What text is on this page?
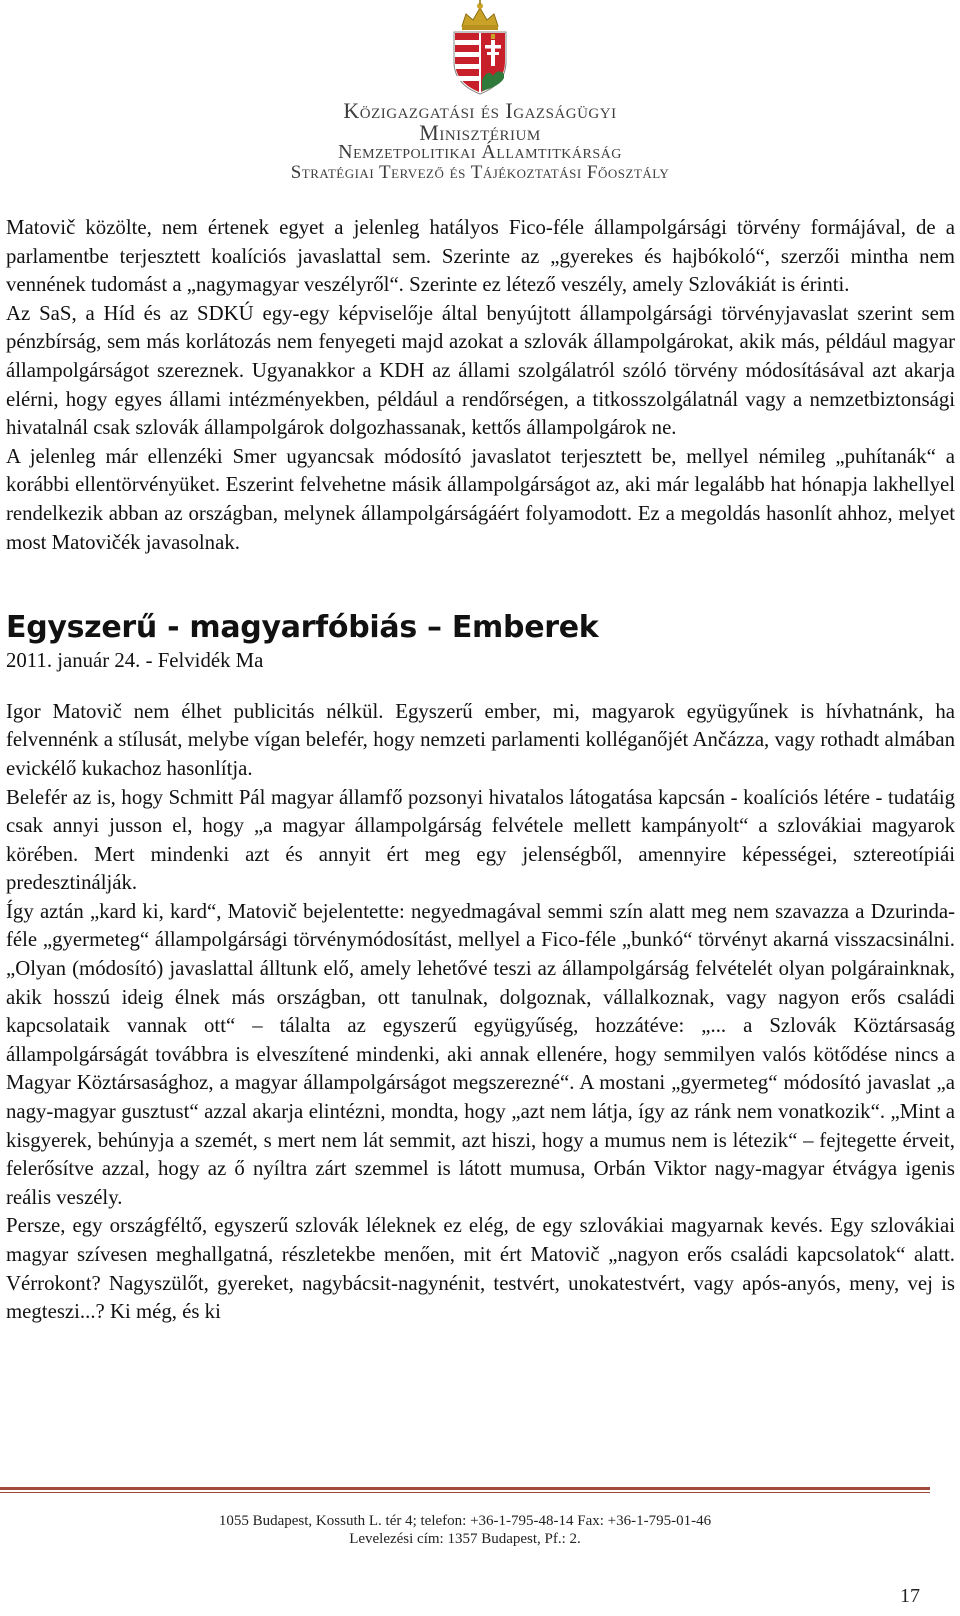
Közigazgatási és Igazságügyi
Minisztérium
Nemzetpolitikai Államtitkárság
Stratégiai Tervező és Tájékoztatási Főosztály

Matovič közölte, nem értenek egyet a jelenleg hatályos Fico-féle állampolgársági törvény formájával, de a parlamentbe terjesztett koalíciós javaslattal sem. Szerinte az „gyerekes és hajbókoló“, szerzői mintha nem vennének tudomást a „nagymagyar veszélyről“. Szerinte ez létező veszély, amely Szlovákiát is érinti.

Az SaS, a Híd és az SDKÚ egy-egy képviselője által benyújtott állampolgársági törvényjavaslat szerint sem pénzbírság, sem más korlátozás nem fenyegeti majd azokat a szlovák állampolgárokat, akik más, például magyar állampolgárságot szereznek. Ugyanakkor a KDH az állami szolgálatról szóló törvény módosításával azt akarja elérni, hogy egyes állami intézményekben, például a rendőrségen, a titkosszolgálatnál vagy a nemzetbiztonsági hivatalnál csak szlovák állampolgárok dolgozhassanak, kettős állampolgárok ne.

A jelenleg már ellenzéki Smer ugyancsak módosító javaslatot terjesztett be, mellyel némileg „puhítanák“ a korábbi ellentörvényüket. Eszerint felvehetne másik állampolgárságot az, aki már legalább hat hónapja lakhellyel rendelkezik abban az országban, melynek állampolgárságáért folyamodott. Ez a megoldás hasonlít ahhoz, melyet most Matovičék javasolnak.

Egyszerű - magyarfóbiás – Emberek

2011. január 24. - Felvidék Ma

Igor Matovič nem élhet publicitás nélkül. Egyszerű ember, mi, magyarok együgyűnek is hívhatnánk, ha felvennénk a stílusát, melybe vígan belefér, hogy nemzeti parlamenti kolléganőjét Ančázza, vagy rothadt almában evickélő kukachoz hasonlítja.

Belefér az is, hogy Schmitt Pál magyar államfő pozsonyi hivatalos látogatása kapcsán - koalíciós létére - tudatáig csak annyi jusson el, hogy „a magyar állampolgárság felvétele mellett kampányolt“ a szlovákiai magyarok körében. Mert mindenki azt és annyit ért meg egy jelenségből, amennyire képességei, sztereotípiái predesztinálják.

Így aztán „kard ki, kard“, Matovič bejelentette: negyedmagával semmi szín alatt meg nem szavazza a Dzurinda-féle „gyermeteg“ állampolgársági törvénymódosítást, mellyel a Fico-féle „bunkó“ törvényt akarná visszacsinálni. „Olyan (módosító) javaslattal álltunk elő, amely lehetővé teszi az állampolgárság felvételét olyan polgárainknak, akik hosszú ideig élnek más országban, ott tanulnak, dolgoznak, vállalkoznak, vagy nagyon erős családi kapcsolataik vannak ott“ – tálalta az egyszerű együgyűség, hozzátéve: „... a Szlovák Köztársaság állampolgárságát továbbra is elveszítené mindenki, aki annak ellenére, hogy semmilyen valós kötődése nincs a Magyar Köztársasághoz, a magyar állampolgárságot megszerezné“. A mostani „gyermeteg“ módosító javaslat „a nagy-magyar gusztust“ azzal akarja elintézni, mondta, hogy „azt nem látja, így az ránk nem vonatkozik“. „Mint a kisgyerek, behúnyja a szemét, s mert nem lát semmit, azt hiszi, hogy a mumus nem is létezik“ – fejtegette érveit, felerősítve azzal, hogy az ő nyíltra zárt szemmel is látott mumusa, Orbán Viktor nagy-magyar étvágya igenis reális veszély.

Persze, egy országféltő, egyszerű szlovák léleknek ez elég, de egy szlovákiai magyarnak kevés. Egy szlovákiai magyar szívesen meghallgatná, részletekbe menően, mit ért Matovič „nagyon erős családi kapcsolatok“ alatt. Vérrokont? Nagyszülőt, gyereket, nagybácsit-nagynénit, testvért, unokatestvért, vagy após-anyós, meny, vej is megteszi...? Ki még, és ki

1055 Budapest, Kossuth L. tér 4; telefon: +36-1-795-48-14 Fax: +36-1-795-01-46
Levelezési cím: 1357 Budapest, Pf.: 2.
17
